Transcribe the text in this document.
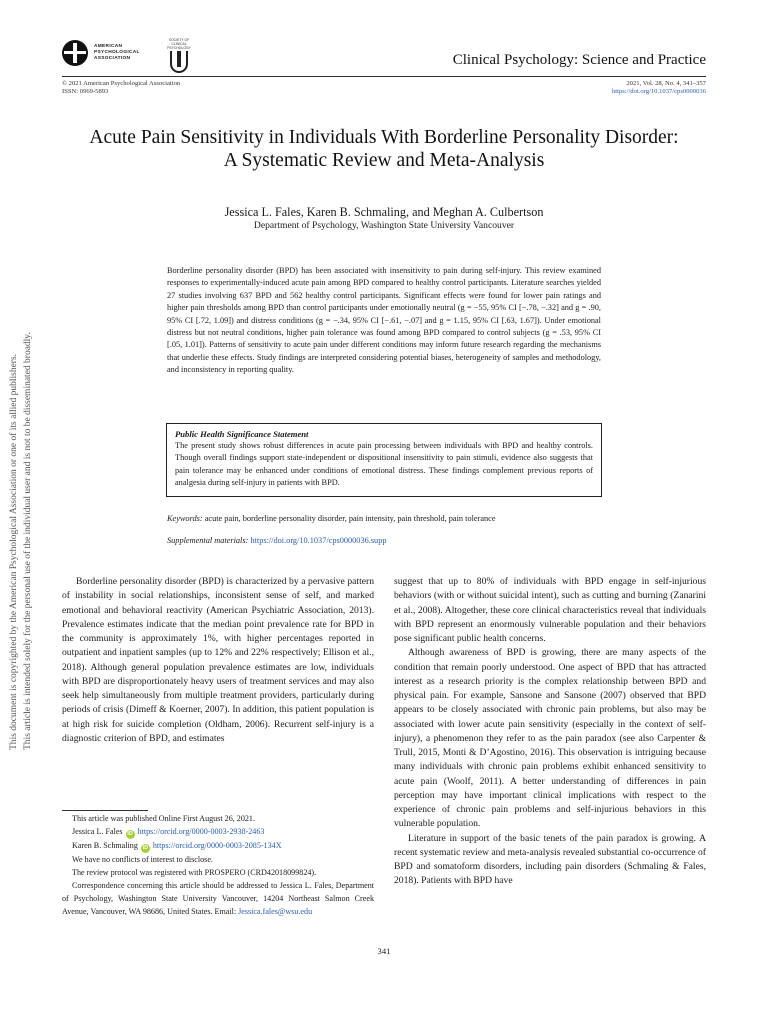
This document is copyrighted by the American Psychological Association or one of its allied publishers. This article is intended solely for the personal use of the individual user and is not to be disseminated broadly.
AMERICAN
PSYCHOLOGICAL
ASSOCIATION
SOCIETY OF
CLINICAL PSYCHOLOGY
Clinical Psychology: Science and Practice
© 2021 American Psychological Association
ISSN: 0969-5893
2021, Vol. 28, No. 4, 341–357
https://doi.org/10.1037/cps0000036
Acute Pain Sensitivity in Individuals With Borderline Personality Disorder:
A Systematic Review and Meta-Analysis
Jessica L. Fales, Karen B. Schmaling, and Meghan A. Culbertson
Department of Psychology, Washington State University Vancouver
Borderline personality disorder (BPD) has been associated with insensitivity to pain during self-injury. This review examined responses to experimentally-induced acute pain among BPD compared to healthy control participants. Literature searches yielded 27 studies involving 637 BPD and 562 healthy control participants. Significant effects were found for lower pain ratings and higher pain thresholds among BPD than control participants under emotionally neutral (g = −55, 95% CI [−.78, −.32] and g = .90, 95% CI [.72, 1.09]) and distress conditions (g = −.34, 95% CI [−.61, −.07] and g = 1.15, 95% CI [.63, 1.67]). Under emotional distress but not neutral conditions, higher pain tolerance was found among BPD compared to control subjects (g = .53, 95% CI [.05, 1.01]). Patterns of sensitivity to acute pain under different conditions may inform future research regarding the mechanisms that underlie these effects. Study findings are interpreted considering potential biases, heterogeneity of samples and methodology, and inconsistency in reporting quality.
Public Health Significance Statement
The present study shows robust differences in acute pain processing between individuals with BPD and healthy controls. Though overall findings support state-independent or dispositional insensitivity to pain stimuli, evidence also suggests that pain tolerance may be enhanced under conditions of emotional distress. These findings complement previous reports of analgesia during self-injury in patients with BPD.
Keywords: acute pain, borderline personality disorder, pain intensity, pain threshold, pain tolerance
Supplemental materials: https://doi.org/10.1037/cps0000036.supp

Borderline personality disorder (BPD) is characterized by a pervasive pattern of instability in social relationships, inconsistent sense of self, and marked emotional and behavioral reactivity (American Psychiatric Association, 2013). Prevalence estimates indicate that the median point prevalence rate for BPD in the community is approximately 1%, with higher percentages reported in outpatient and inpatient samples (up to 12% and 22% respectively; Ellison et al., 2018). Although general population prevalence estimates are low, individuals with BPD are disproportionately heavy users of treatment services and may also seek help simultaneously from multiple treatment providers, particularly during periods of crisis (Dimeff & Koerner, 2007). In addition, this patient population is at high risk for suicide completion (Oldham, 2006). Recurrent self-injury is a diagnostic criterion of BPD, and estimates

suggest that up to 80% of individuals with BPD engage in self-injurious behaviors (with or without suicidal intent), such as cutting and burning (Zanarini et al., 2008). Altogether, these core clinical characteristics reveal that individuals with BPD represent an enormously vulnerable population and their behaviors pose significant public health concerns.

Although awareness of BPD is growing, there are many aspects of the condition that remain poorly understood. One aspect of BPD that has attracted interest as a research priority is the complex relationship between BPD and physical pain. For example, Sansone and Sansone (2007) observed that BPD appears to be closely associated with chronic pain problems, but also may be associated with lower acute pain sensitivity (especially in the context of self-injury), a phenomenon they refer to as the pain paradox (see also Carpenter & Trull, 2015, Monti & D’Agostino, 2016). This observation is intriguing because many individuals with chronic pain problems exhibit enhanced sensitivity to acute pain (Woolf, 2011). A better understanding of differences in pain perception may have important clinical implications with respect to the experience of chronic pain problems and self-injurious behaviors in this vulnerable population.

Literature in support of the basic tenets of the pain paradox is growing. A recent systematic review and meta-analysis revealed substantial co-occurrence of BPD and somatoform disorders, including pain disorders (Schmaling & Fales, 2018). Patients with BPD have

This article was published Online First August 26, 2021.

Jessica L. Fales iD https://orcid.org/0000-0003-2938-2463

Karen B. Schmaling iD https://orcid.org/0000-0003-2085-134X

We have no conflicts of interest to disclose.

The review protocol was registered with PROSPERO (CRD42018099824).

Correspondence concerning this article should be addressed to Jessica L. Fales, Department of Psychology, Washington State University Vancouver, 14204 Northeast Salmon Creek Avenue, Vancouver, WA 98686, United States. Email: Jessica.fales@wsu.edu

341
